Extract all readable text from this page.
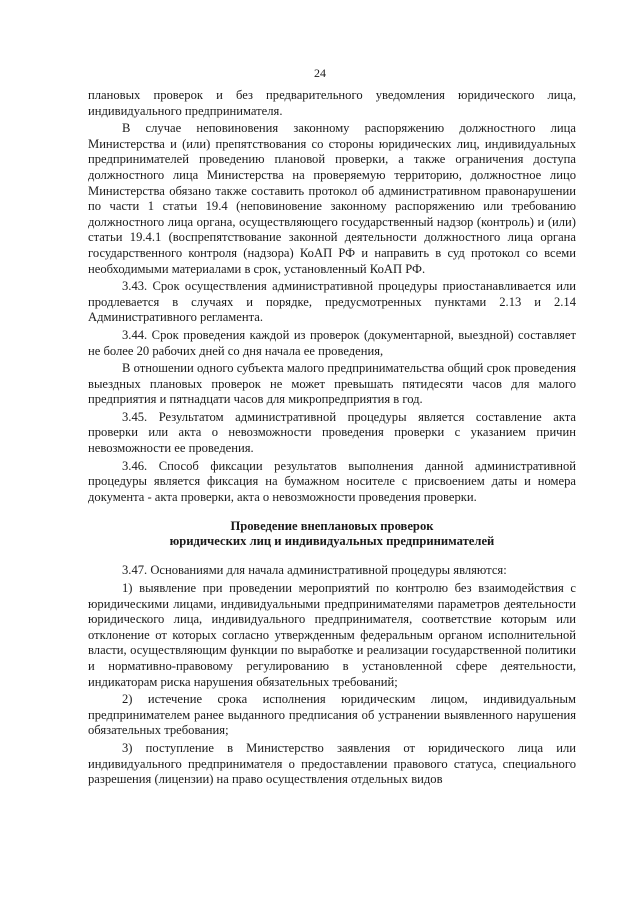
24

плановых проверок и без предварительного уведомления юридического лица, индивидуального предпринимателя.

В случае неповиновения законному распоряжению должностного лица Министерства и (или) препятствования со стороны юридических лиц, индивидуальных предпринимателей проведению плановой проверки, а также ограничения доступа должностного лица Министерства на проверяемую территорию, должностное лицо Министерства обязано также составить протокол об административном правонарушении по части 1 статьи 19.4 (неповиновение законному распоряжению или требованию должностного лица органа, осуществляющего государственный надзор (контроль) и (или) статьи 19.4.1 (воспрепятствование законной деятельности должностного лица органа государственного контроля (надзора) КоАП РФ и направить в суд протокол со всеми необходимыми материалами в срок, установленный КоАП РФ.

3.43. Срок осуществления административной процедуры приостанавливается или продлевается в случаях и порядке, предусмотренных пунктами 2.13 и 2.14 Административного регламента.

3.44. Срок проведения каждой из проверок (документарной, выездной) составляет не более 20 рабочих дней со дня начала ее проведения,

В отношении одного субъекта малого предпринимательства общий срок проведения выездных плановых проверок не может превышать пятидесяти часов для малого предприятия и пятнадцати часов для микропредприятия в год.

3.45. Результатом административной процедуры является составление акта проверки или акта о невозможности проведения проверки с указанием причин невозможности ее проведения.

3.46. Способ фиксации результатов выполнения данной административной процедуры является фиксация на бумажном носителе с присвоением даты и номера документа - акта проверки, акта о невозможности проведения проверки.

Проведение внеплановых проверок
юридических лиц и индивидуальных предпринимателей

3.47. Основаниями для начала административной процедуры являются:

1) выявление при проведении мероприятий по контролю без взаимодействия с юридическими лицами, индивидуальными предпринимателями параметров деятельности юридического лица, индивидуального предпринимателя, соответствие которым или отклонение от которых согласно утвержденным федеральным органом исполнительной власти, осуществляющим функции по выработке и реализации государственной политики и нормативно-правовому регулированию в установленной сфере деятельности, индикаторам риска нарушения обязательных требований;

2) истечение срока исполнения юридическим лицом, индивидуальным предпринимателем ранее выданного предписания об устранении выявленного нарушения обязательных требования;

3) поступление в Министерство заявления от юридического лица или индивидуального предпринимателя о предоставлении правового статуса, специального разрешения (лицензии) на право осуществления отдельных видов
